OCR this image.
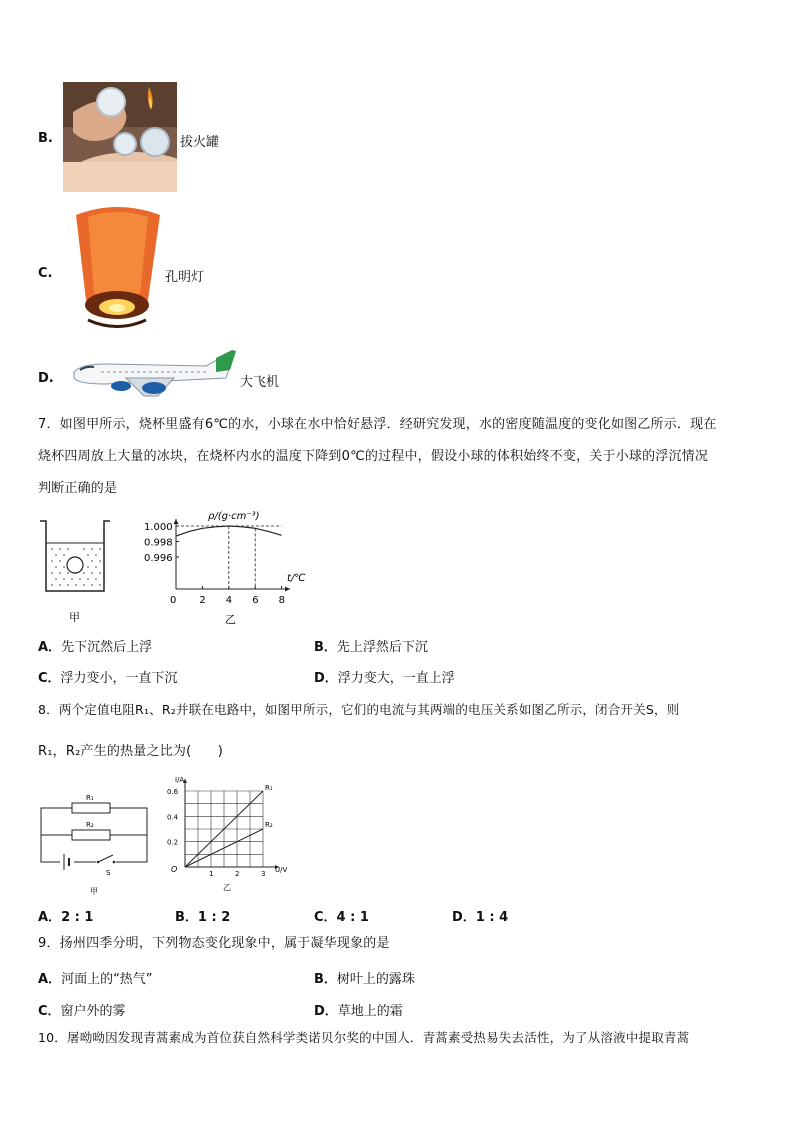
B.	拔火罐
C.	孔明灯
D.	大飞机
7．如图甲所示，烧杯里盛有6℃的水，小球在水中恰好悬浮．经研究发现，水的密度随温度的变化如图乙所示．现在
烧杯四周放上大量的冰块，在烧杯内水的温度下降到0℃的过程中，假设小球的体积始终不变，关于小球的浮沉情况
判断正确的是
甲
0 2 4 6 8
1.000
0.998
0.996
ρ/(g·cm⁻³)
t/℃
乙
A．先下沉然后上浮	B．先上浮然后下沉
C．浮力变小，一直下沉	D．浮力变大，一直上浮
8．两个定值电阻R₁、R₂并联在电路中，如图甲所示，它们的电流与其两端的电压关系如图乙所示，闭合开关S，则
R₁，R₂产生的热量之比为(　　)
R₁
R₂
S
甲
1	2	3
0.2
0.4
0.6	R₁
R₂
I/A
U/V
O
乙
A．2 : 1	B．1 : 2	C．4 : 1	D．1 : 4
9．扬州四季分明，下列物态变化现象中，属于凝华现象的是
A．河面上的“热气”	B．树叶上的露珠
C．窗户外的雾	D．草地上的霜
10．屠呦呦因发现青蒿素成为首位获自然科学类诺贝尔奖的中国人．青蒿素受热易失去活性，为了从溶液中提取青蒿
